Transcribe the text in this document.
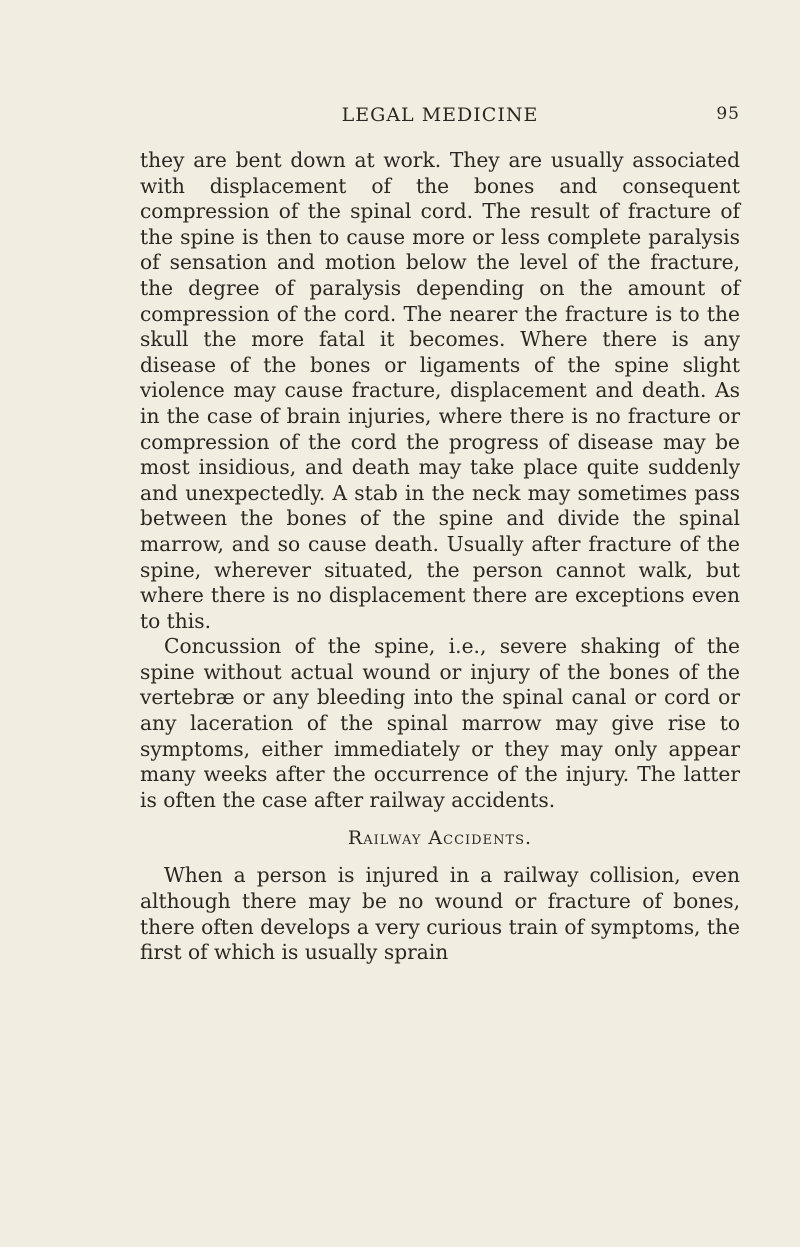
LEGAL MEDICINE	95

they are bent down at work. They are usually associated with displacement of the bones and consequent compression of the spinal cord. The result of fracture of the spine is then to cause more or less complete paralysis of sensation and motion below the level of the fracture, the degree of paralysis depending on the amount of compression of the cord. The nearer the fracture is to the skull the more fatal it becomes. Where there is any disease of the bones or ligaments of the spine slight violence may cause fracture, displacement and death. As in the case of brain injuries, where there is no fracture or compression of the cord the progress of disease may be most insidious, and death may take place quite suddenly and unexpectedly. A stab in the neck may sometimes pass between the bones of the spine and divide the spinal marrow, and so cause death. Usually after fracture of the spine, wherever situated, the person cannot walk, but where there is no displacement there are exceptions even to this.

Concussion of the spine, i.e., severe shaking of the spine without actual wound or injury of the bones of the vertebræ or any bleeding into the spinal canal or cord or any laceration of the spinal marrow may give rise to symptoms, either immediately or they may only appear many weeks after the occurrence of the injury. The latter is often the case after railway accidents.

Railway Accidents.

When a person is injured in a railway collision, even although there may be no wound or fracture of bones, there often develops a very curious train of symptoms, the first of which is usually sprain
